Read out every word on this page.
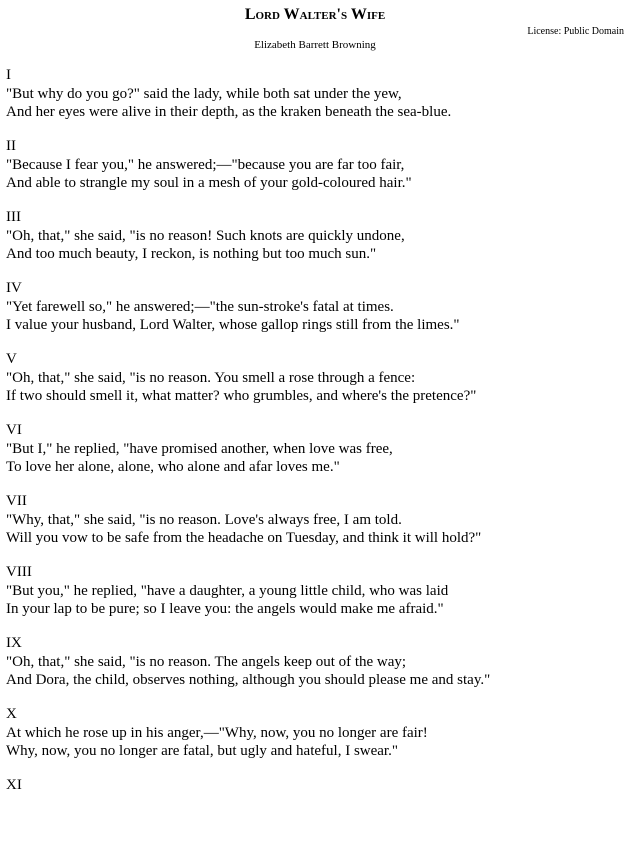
Lord Walter's Wife
License: Public Domain
Elizabeth Barrett Browning
I
"But why do you go?" said the lady, while both sat under the yew,
And her eyes were alive in their depth, as the kraken beneath the sea-blue.
II
"Because I fear you," he answered;—"because you are far too fair,
And able to strangle my soul in a mesh of your gold-coloured hair."
III
"Oh, that," she said, "is no reason! Such knots are quickly undone,
And too much beauty, I reckon, is nothing but too much sun."
IV
"Yet farewell so," he answered;—"the sun-stroke's fatal at times.
I value your husband, Lord Walter, whose gallop rings still from the limes."
V
"Oh, that," she said, "is no reason. You smell a rose through a fence:
If two should smell it, what matter? who grumbles, and where's the pretence?"
VI
"But I," he replied, "have promised another, when love was free,
To love her alone, alone, who alone and afar loves me."
VII
"Why, that," she said, "is no reason. Love's always free, I am told.
Will you vow to be safe from the headache on Tuesday, and think it will hold?"
VIII
"But you," he replied, "have a daughter, a young little child, who was laid
In your lap to be pure; so I leave you: the angels would make me afraid."
IX
"Oh, that," she said, "is no reason. The angels keep out of the way;
And Dora, the child, observes nothing, although you should please me and stay."
X
At which he rose up in his anger,—"Why, now, you no longer are fair!
Why, now, you no longer are fatal, but ugly and hateful, I swear."
XI
